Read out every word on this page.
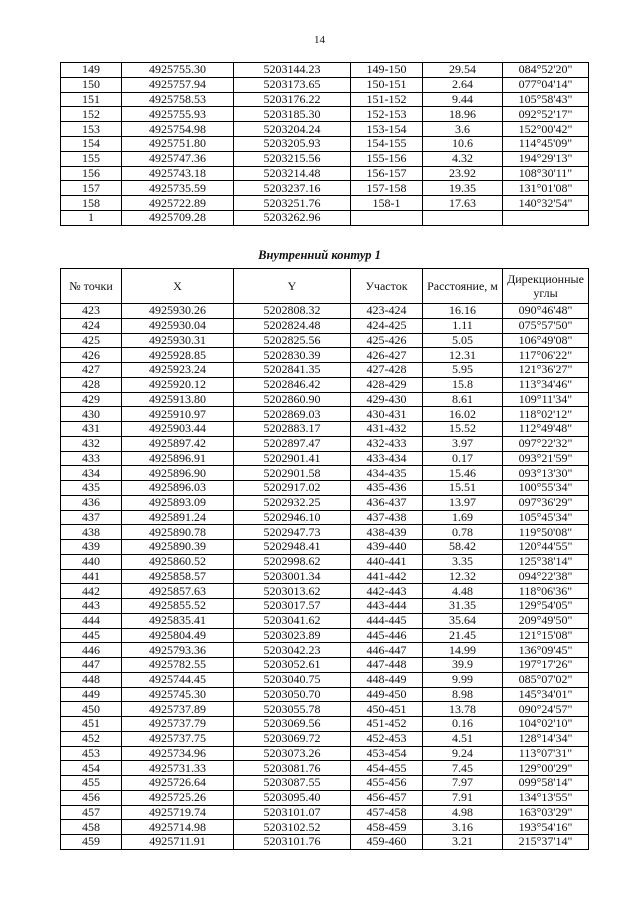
14
149	4925755.30	5203144.23	149-150	29.54	084°52'20"
150	4925757.94	5203173.65	150-151	2.64	077°04'14"
151	4925758.53	5203176.22	151-152	9.44	105°58'43"
152	4925755.93	5203185.30	152-153	18.96	092°52'17"
153	4925754.98	5203204.24	153-154	3.6	152°00'42"
154	4925751.80	5203205.93	154-155	10.6	114°45'09"
155	4925747.36	5203215.56	155-156	4.32	194°29'13"
156	4925743.18	5203214.48	156-157	23.92	108°30'11"
157	4925735.59	5203237.16	157-158	19.35	131°01'08"
158	4925722.89	5203251.76	158-1	17.63	140°32'54"
1	4925709.28	5203262.96			
Внутренний контур 1
№ точки	X	Y	Участок	Расстояние, м	Дирекционные углы
423	4925930.26	5202808.32	423-424	16.16	090°46'48"
424	4925930.04	5202824.48	424-425	1.11	075°57'50"
425	4925930.31	5202825.56	425-426	5.05	106°49'08"
426	4925928.85	5202830.39	426-427	12.31	117°06'22"
427	4925923.24	5202841.35	427-428	5.95	121°36'27"
428	4925920.12	5202846.42	428-429	15.8	113°34'46"
429	4925913.80	5202860.90	429-430	8.61	109°11'34"
430	4925910.97	5202869.03	430-431	16.02	118°02'12"
431	4925903.44	5202883.17	431-432	15.52	112°49'48"
432	4925897.42	5202897.47	432-433	3.97	097°22'32"
433	4925896.91	5202901.41	433-434	0.17	093°21'59"
434	4925896.90	5202901.58	434-435	15.46	093°13'30"
435	4925896.03	5202917.02	435-436	15.51	100°55'34"
436	4925893.09	5202932.25	436-437	13.97	097°36'29"
437	4925891.24	5202946.10	437-438	1.69	105°45'34"
438	4925890.78	5202947.73	438-439	0.78	119°50'08"
439	4925890.39	5202948.41	439-440	58.42	120°44'55"
440	4925860.52	5202998.62	440-441	3.35	125°38'14"
441	4925858.57	5203001.34	441-442	12.32	094°22'38"
442	4925857.63	5203013.62	442-443	4.48	118°06'36"
443	4925855.52	5203017.57	443-444	31.35	129°54'05"
444	4925835.41	5203041.62	444-445	35.64	209°49'50"
445	4925804.49	5203023.89	445-446	21.45	121°15'08"
446	4925793.36	5203042.23	446-447	14.99	136°09'45"
447	4925782.55	5203052.61	447-448	39.9	197°17'26"
448	4925744.45	5203040.75	448-449	9.99	085°07'02"
449	4925745.30	5203050.70	449-450	8.98	145°34'01"
450	4925737.89	5203055.78	450-451	13.78	090°24'57"
451	4925737.79	5203069.56	451-452	0.16	104°02'10"
452	4925737.75	5203069.72	452-453	4.51	128°14'34"
453	4925734.96	5203073.26	453-454	9.24	113°07'31"
454	4925731.33	5203081.76	454-455	7.45	129°00'29"
455	4925726.64	5203087.55	455-456	7.97	099°58'14"
456	4925725.26	5203095.40	456-457	7.91	134°13'55"
457	4925719.74	5203101.07	457-458	4.98	163°03'29"
458	4925714.98	5203102.52	458-459	3.16	193°54'16"
459	4925711.91	5203101.76	459-460	3.21	215°37'14"
